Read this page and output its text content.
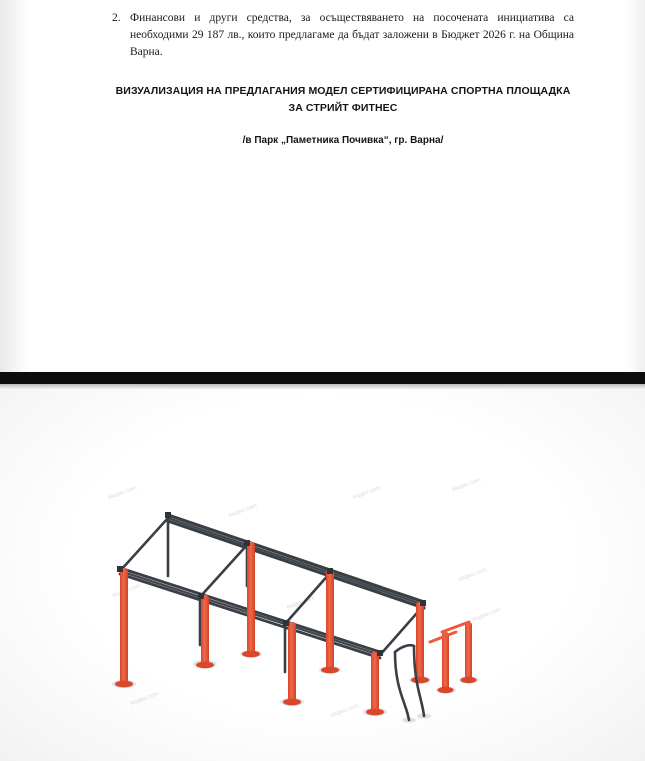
2. Финансови и други средства, за осъществяването на посочената инициатива са необходими 29 187 лв., които предлагаме да бъдат заложени в Бюджет 2026 г. на Община Варна.
ВИЗУАЛИЗАЦИЯ НА ПРЕДЛАГАНИЯ МОДЕЛ СЕРТИФИЦИРАНА СПОРТНА ПЛОЩАДКА
ЗА СТРИЙТ ФИТНЕС
/в Парк „Паметника Почивка“, гр. Варна/
видео.com
видео.com
видео.com
видео.com
видео.com
видео.com
видео.com
видео.com
видео.com
